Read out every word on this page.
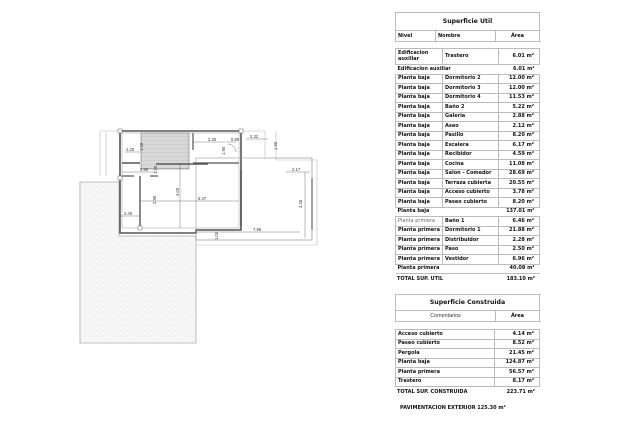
1.20 1.50
2.30	0.90
1.90
2.32
1.90
2.50 1.00
4.00
9.47
2.90
2.40
2.17
3.45
7.96
1.00
Superficie Util
Nivel	Nombre	Área
Edificacion auxiliar	Trastero	6.01 m²
Edificacion auxiliar		6.01 m²
Planta baja	Dormitorio 2	12.00 m²
Planta baja	Dormitorio 3	12.00 m²
Planta baja	Dormitorio 4	11.53 m²
Planta baja	Baño 2	5.22 m²
Planta baja	Galeria	2.88 m²
Planta baja	Aseo	2.12 m²
Planta baja	Pasillo	8.20 m²
Planta baja	Escalera	6.17 m²
Planta baja	Recibidor	4.59 m²
Planta baja	Cocina	11.08 m²
Planta baja	Salon - Comedor	28.69 m²
Planta baja	Terraza cubierta	20.55 m²
Planta baja	Acceso cubierto	3.78 m²
Planta baja	Paseo cubierto	8.20 m²
Planta baja		137.01 m²
Planta primera	Baño 1	6.46 m²
Planta primera	Dormitorio 1	21.88 m²
Planta primera	Distribuidor	2.28 m²
Planta primera	Paso	2.50 m²
Planta primera	Vestidor	6.96 m²
Planta primera		40.08 m²
TOTAL SUP. UTIL	183.10 m²
Superficie Construida
Comentarios	Área
Acceso cubierto	4.14 m²
Paseo cubierto	8.52 m²
Pergola	21.45 m²
Planta baja	124.87 m²
Planta primera	56.57 m²
Trastero	8.17 m²
TOTAL SUP. CONSTRUIDA	223.71 m²
PAVIMENTACION EXTERIOR 125.30 m²
